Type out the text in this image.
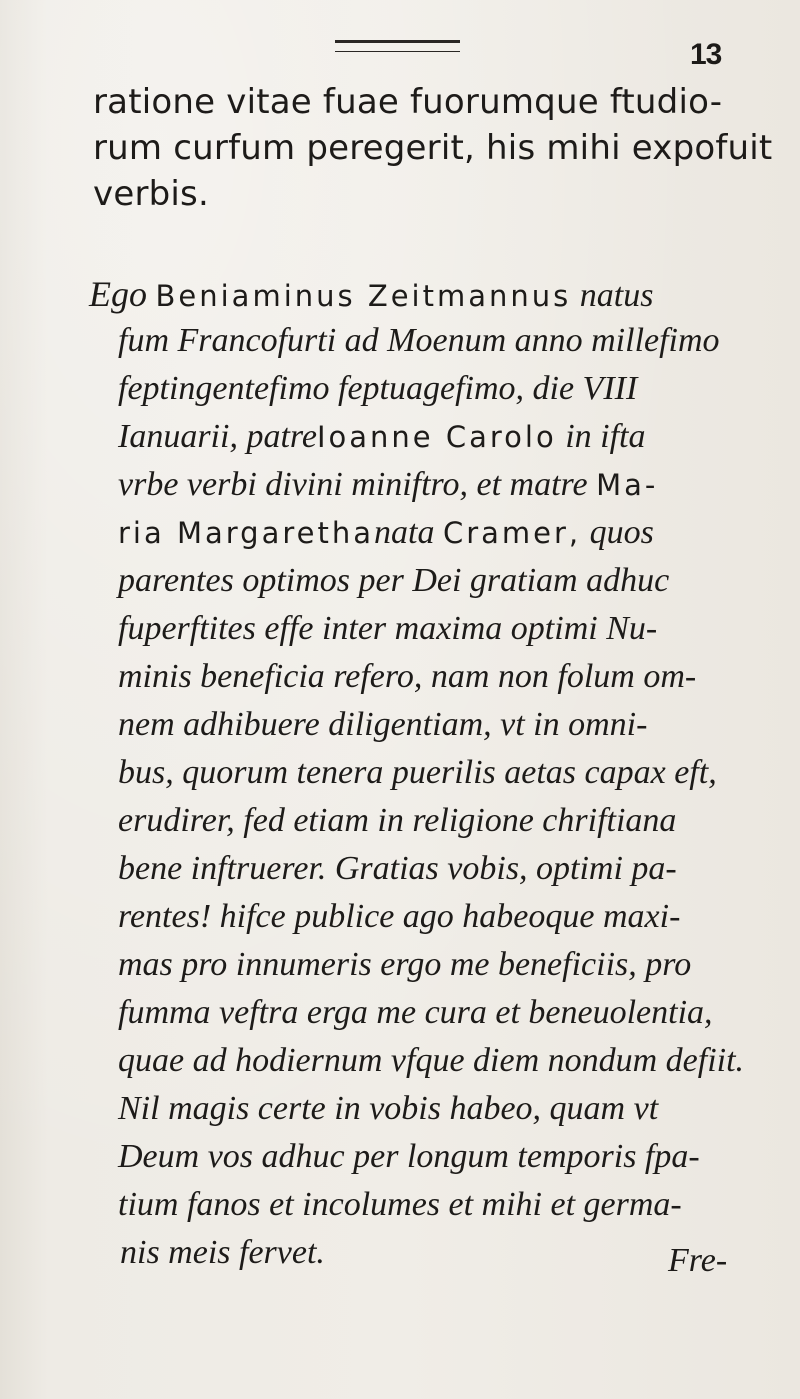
13
ratione vitae fuae fuorumque ftudio-
rum curfum peregerit, his mihi expofuit
verbis.
Ego Beniaminus Zeitmannus natus
fum Francofurti ad Moenum anno millefimo
feptingentefimo feptuagefimo, die VIII
Ianuarii, patreIoanne Carolo in ifta
vrbe verbi divini miniftro, et matre Ma-
ria Margarethanata Cramer, quos
parentes optimos per Dei gratiam adhuc
fuperftites effe inter maxima optimi Nu-
minis beneficia refero, nam non folum om-
nem adhibuere diligentiam, vt in omni-
bus, quorum tenera puerilis aetas capax eft,
erudirer, fed etiam in religione chriftiana
bene inftruerer. Gratias vobis, optimi pa-
rentes! hifce publice ago habeoque maxi-
mas pro innumeris ergo me beneficiis, pro
fumma veftra erga me cura et beneuolentia,
quae ad hodiernum vfque diem nondum defiit.
Nil magis certe in vobis habeo, quam vt
Deum vos adhuc per longum temporis fpa-
tium fanos et incolumes et mihi et germa-
nis meis fervet.	Fre-
